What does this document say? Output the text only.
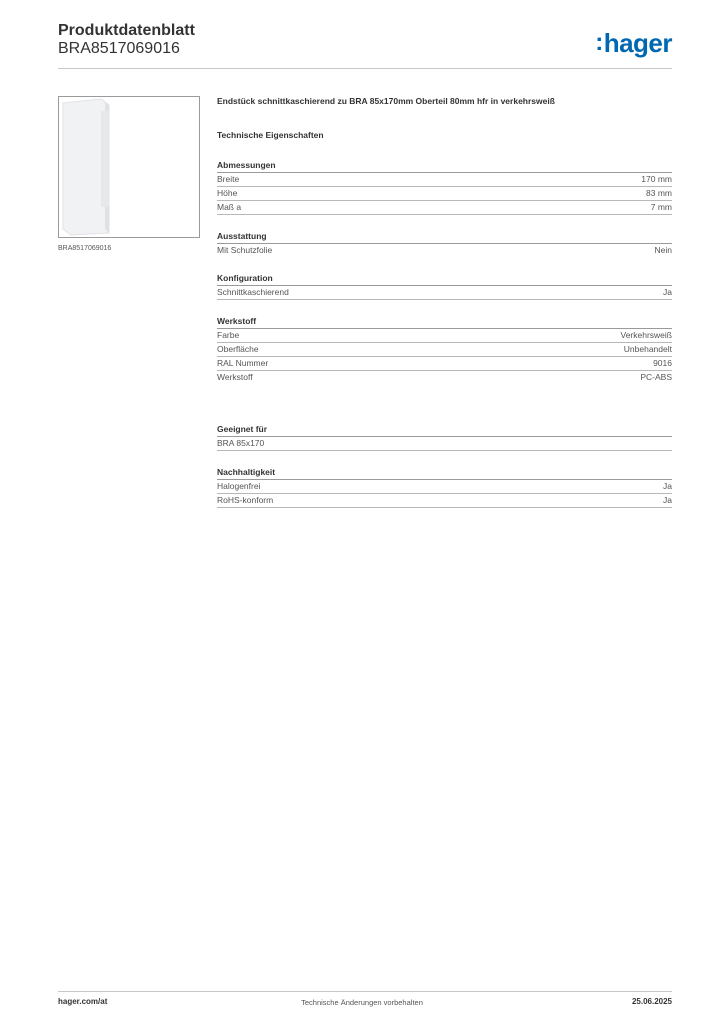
Produktdatenblatt
BRA8517069016	:hager
BRA8517069016
Endstück schnittkaschierend zu BRA 85x170mm Oberteil 80mm hfr in verkehrsweiß
Technische Eigenschaften
Abmessungen
Breite	170 mm
Höhe	83 mm
Maß a	7 mm
Ausstattung
Mit Schutzfolie	Nein
Konfiguration
Schnittkaschierend	Ja
Werkstoff
Farbe	Verkehrsweiß
Oberfläche	Unbehandelt
RAL Nummer	9016
Werkstoff	PC-ABS
Geeignet für
BRA 85x170
Nachhaltigkeit
Halogenfrei	Ja
RoHS-konform	Ja
hager.com/at	Technische Änderungen vorbehalten	25.06.2025
